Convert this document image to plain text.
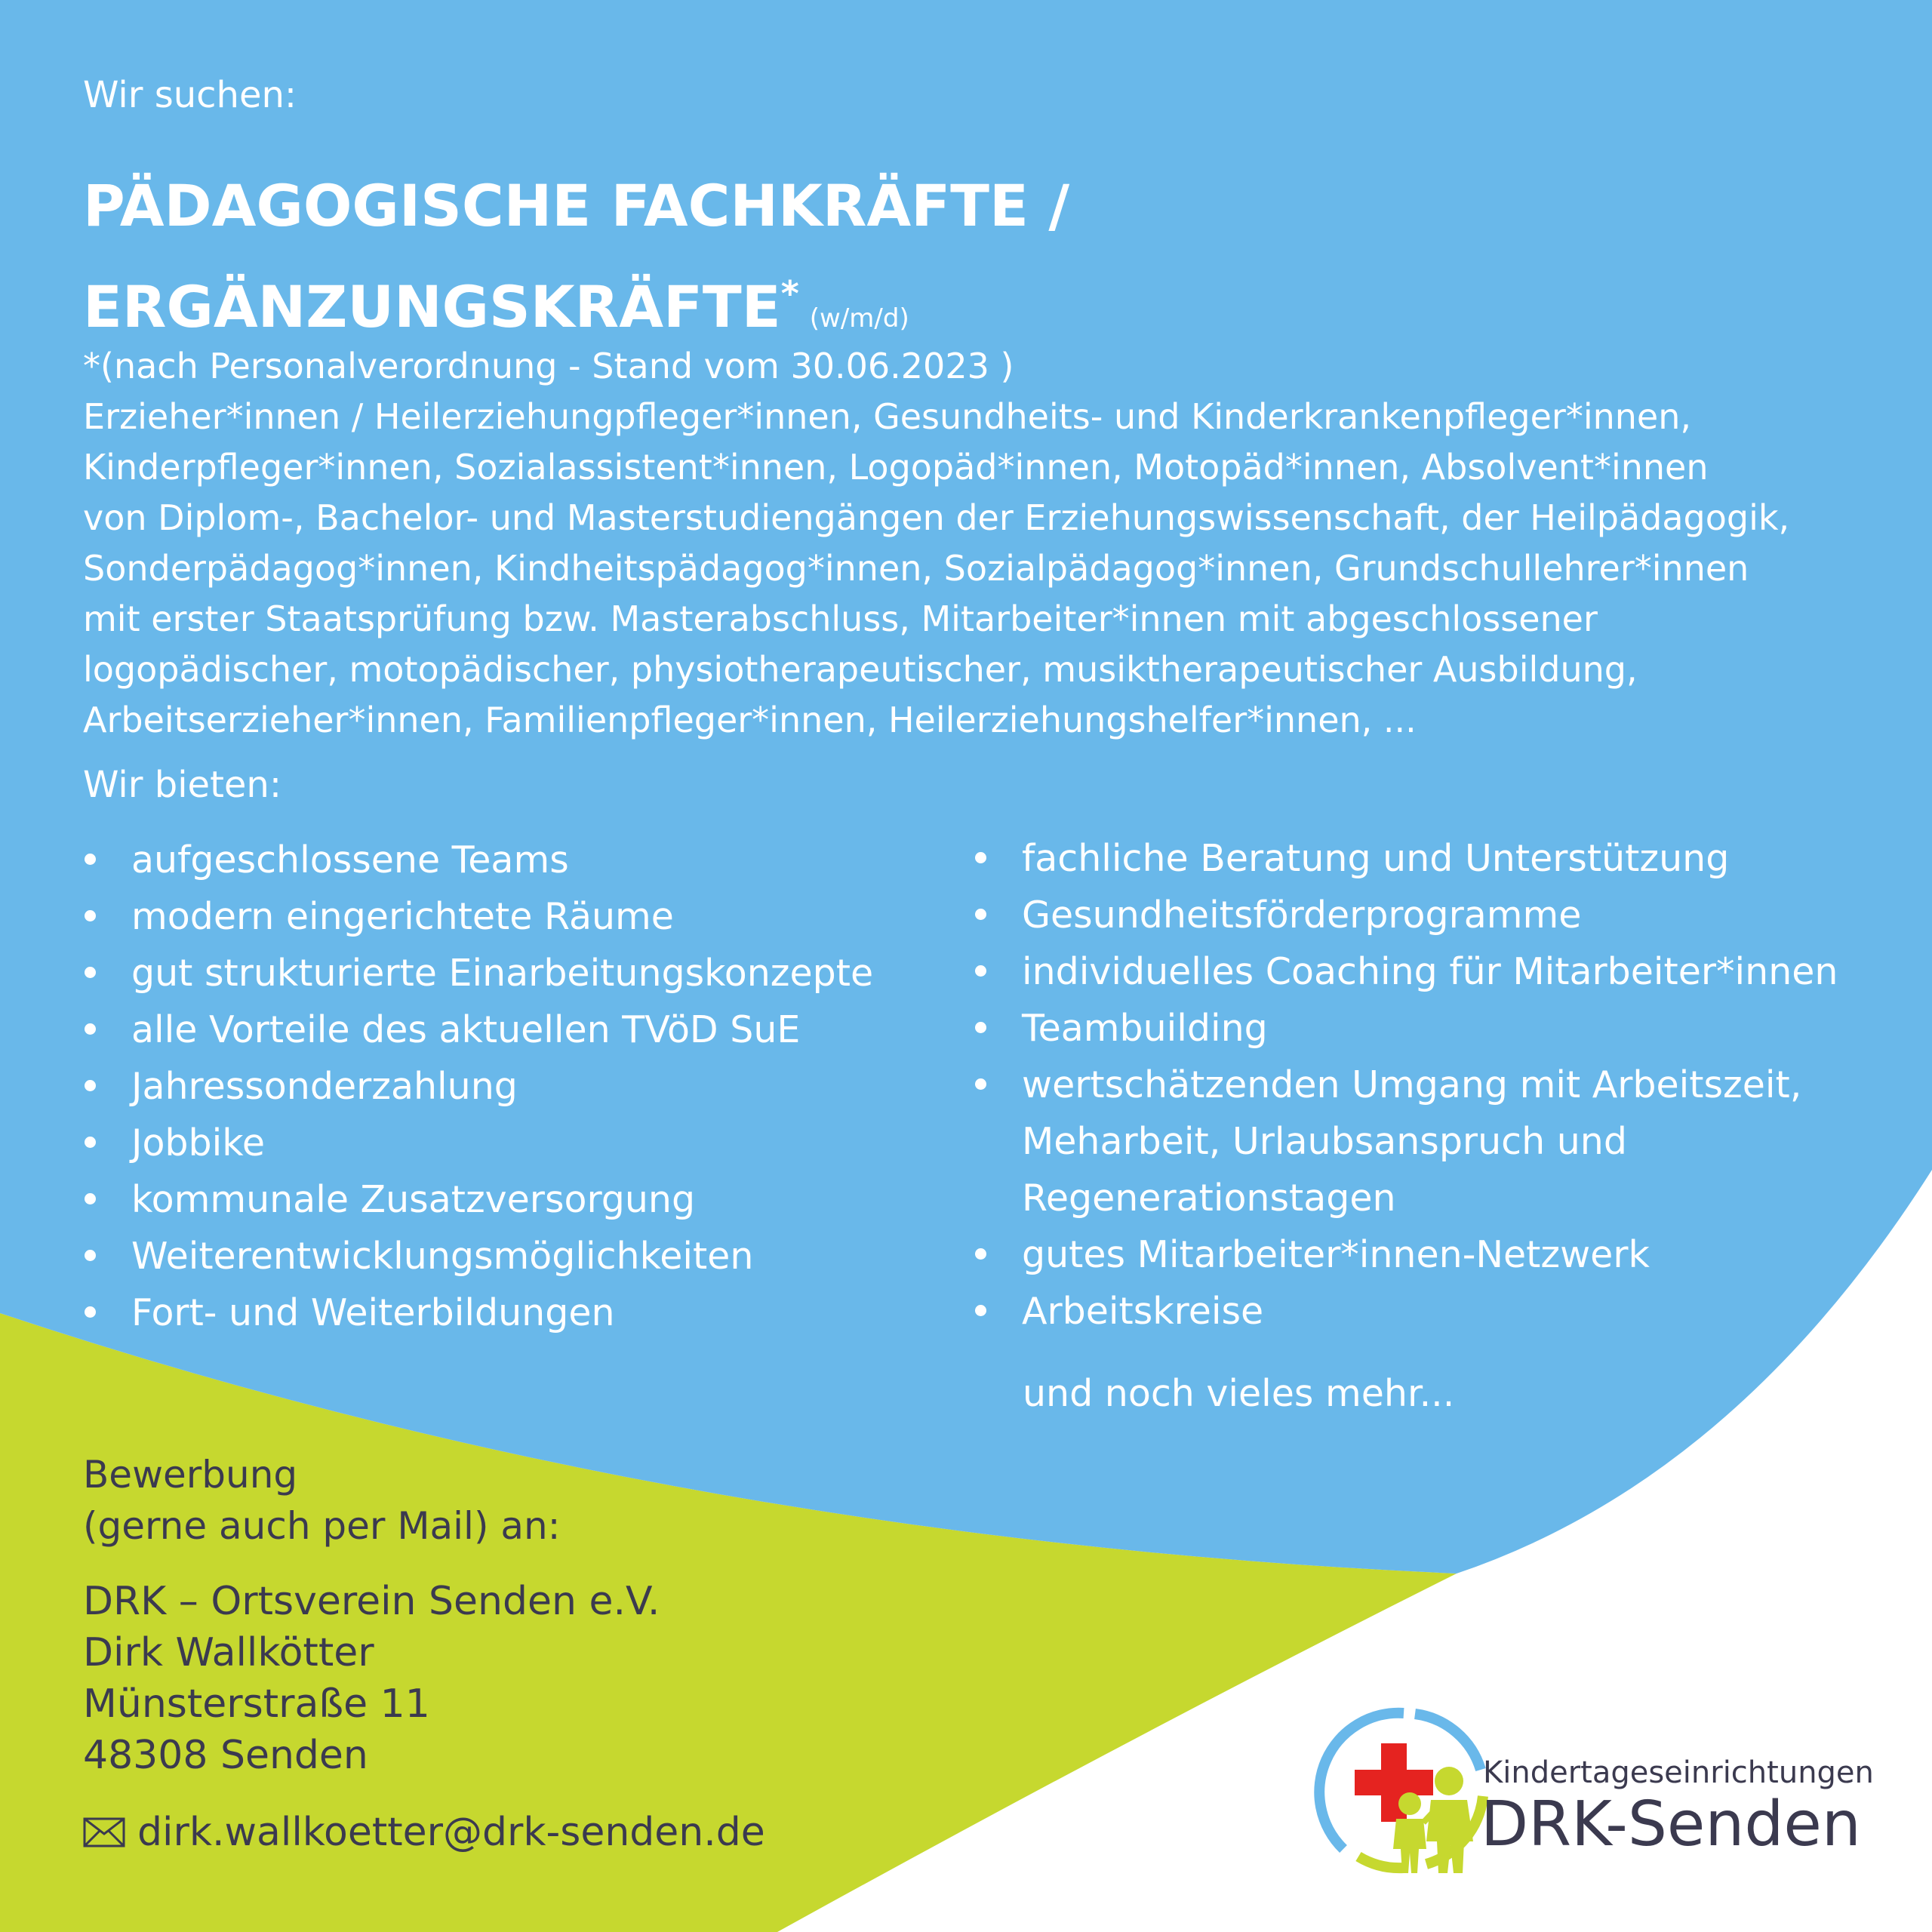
Wir suchen:
PÄDAGOGISCHE FACHKRÄFTE /
ERGÄNZUNGSKRÄFTE*(w/m/d)
*(nach Personalverordnung - Stand vom 30.06.2023 )
Erzieher*innen / Heilerziehungpfleger*innen, Gesundheits- und Kinderkrankenpfleger*innen,
Kinderpfleger*innen, Sozialassistent*innen, Logopäd*innen, Motopäd*innen, Absolvent*innen
von Diplom-, Bachelor- und Masterstudiengängen der Erziehungswissenschaft, der Heilpädagogik,
Sonderpädagog*innen, Kindheitspädagog*innen, Sozialpädagog*innen, Grundschullehrer*innen
mit erster Staatsprüfung bzw. Masterabschluss, Mitarbeiter*innen mit abgeschlossener
logopädischer, motopädischer, physiotherapeutischer, musiktherapeutischer Ausbildung,
Arbeitserzieher*innen, Familienpfleger*innen, Heilerziehungshelfer*innen, ...
Wir bieten:
aufgeschlossene Teams
modern eingerichtete Räume
gut strukturierte Einarbeitungskonzepte
alle Vorteile des aktuellen TVöD SuE
Jahressonderzahlung
Jobbike
kommunale Zusatzversorgung
Weiterentwicklungsmöglichkeiten
Fort- und Weiterbildungen
fachliche Beratung und Unterstützung
Gesundheitsförderprogramme
individuelles Coaching für Mitarbeiter*innen
Teambuilding
wertschätzenden Umgang mit Arbeitszeit,
Meharbeit, Urlaubsanspruch und
Regenerationstagen
gutes Mitarbeiter*innen-Netzwerk
Arbeitskreise
und noch vieles mehr...
Bewerbung
(gerne auch per Mail) an:
DRK – Ortsverein Senden e.V.
Dirk Wallkötter
Münsterstraße 11
48308 Senden
dirk.wallkoetter@drk-senden.de
Kindertageseinrichtungen
DRK-Senden
